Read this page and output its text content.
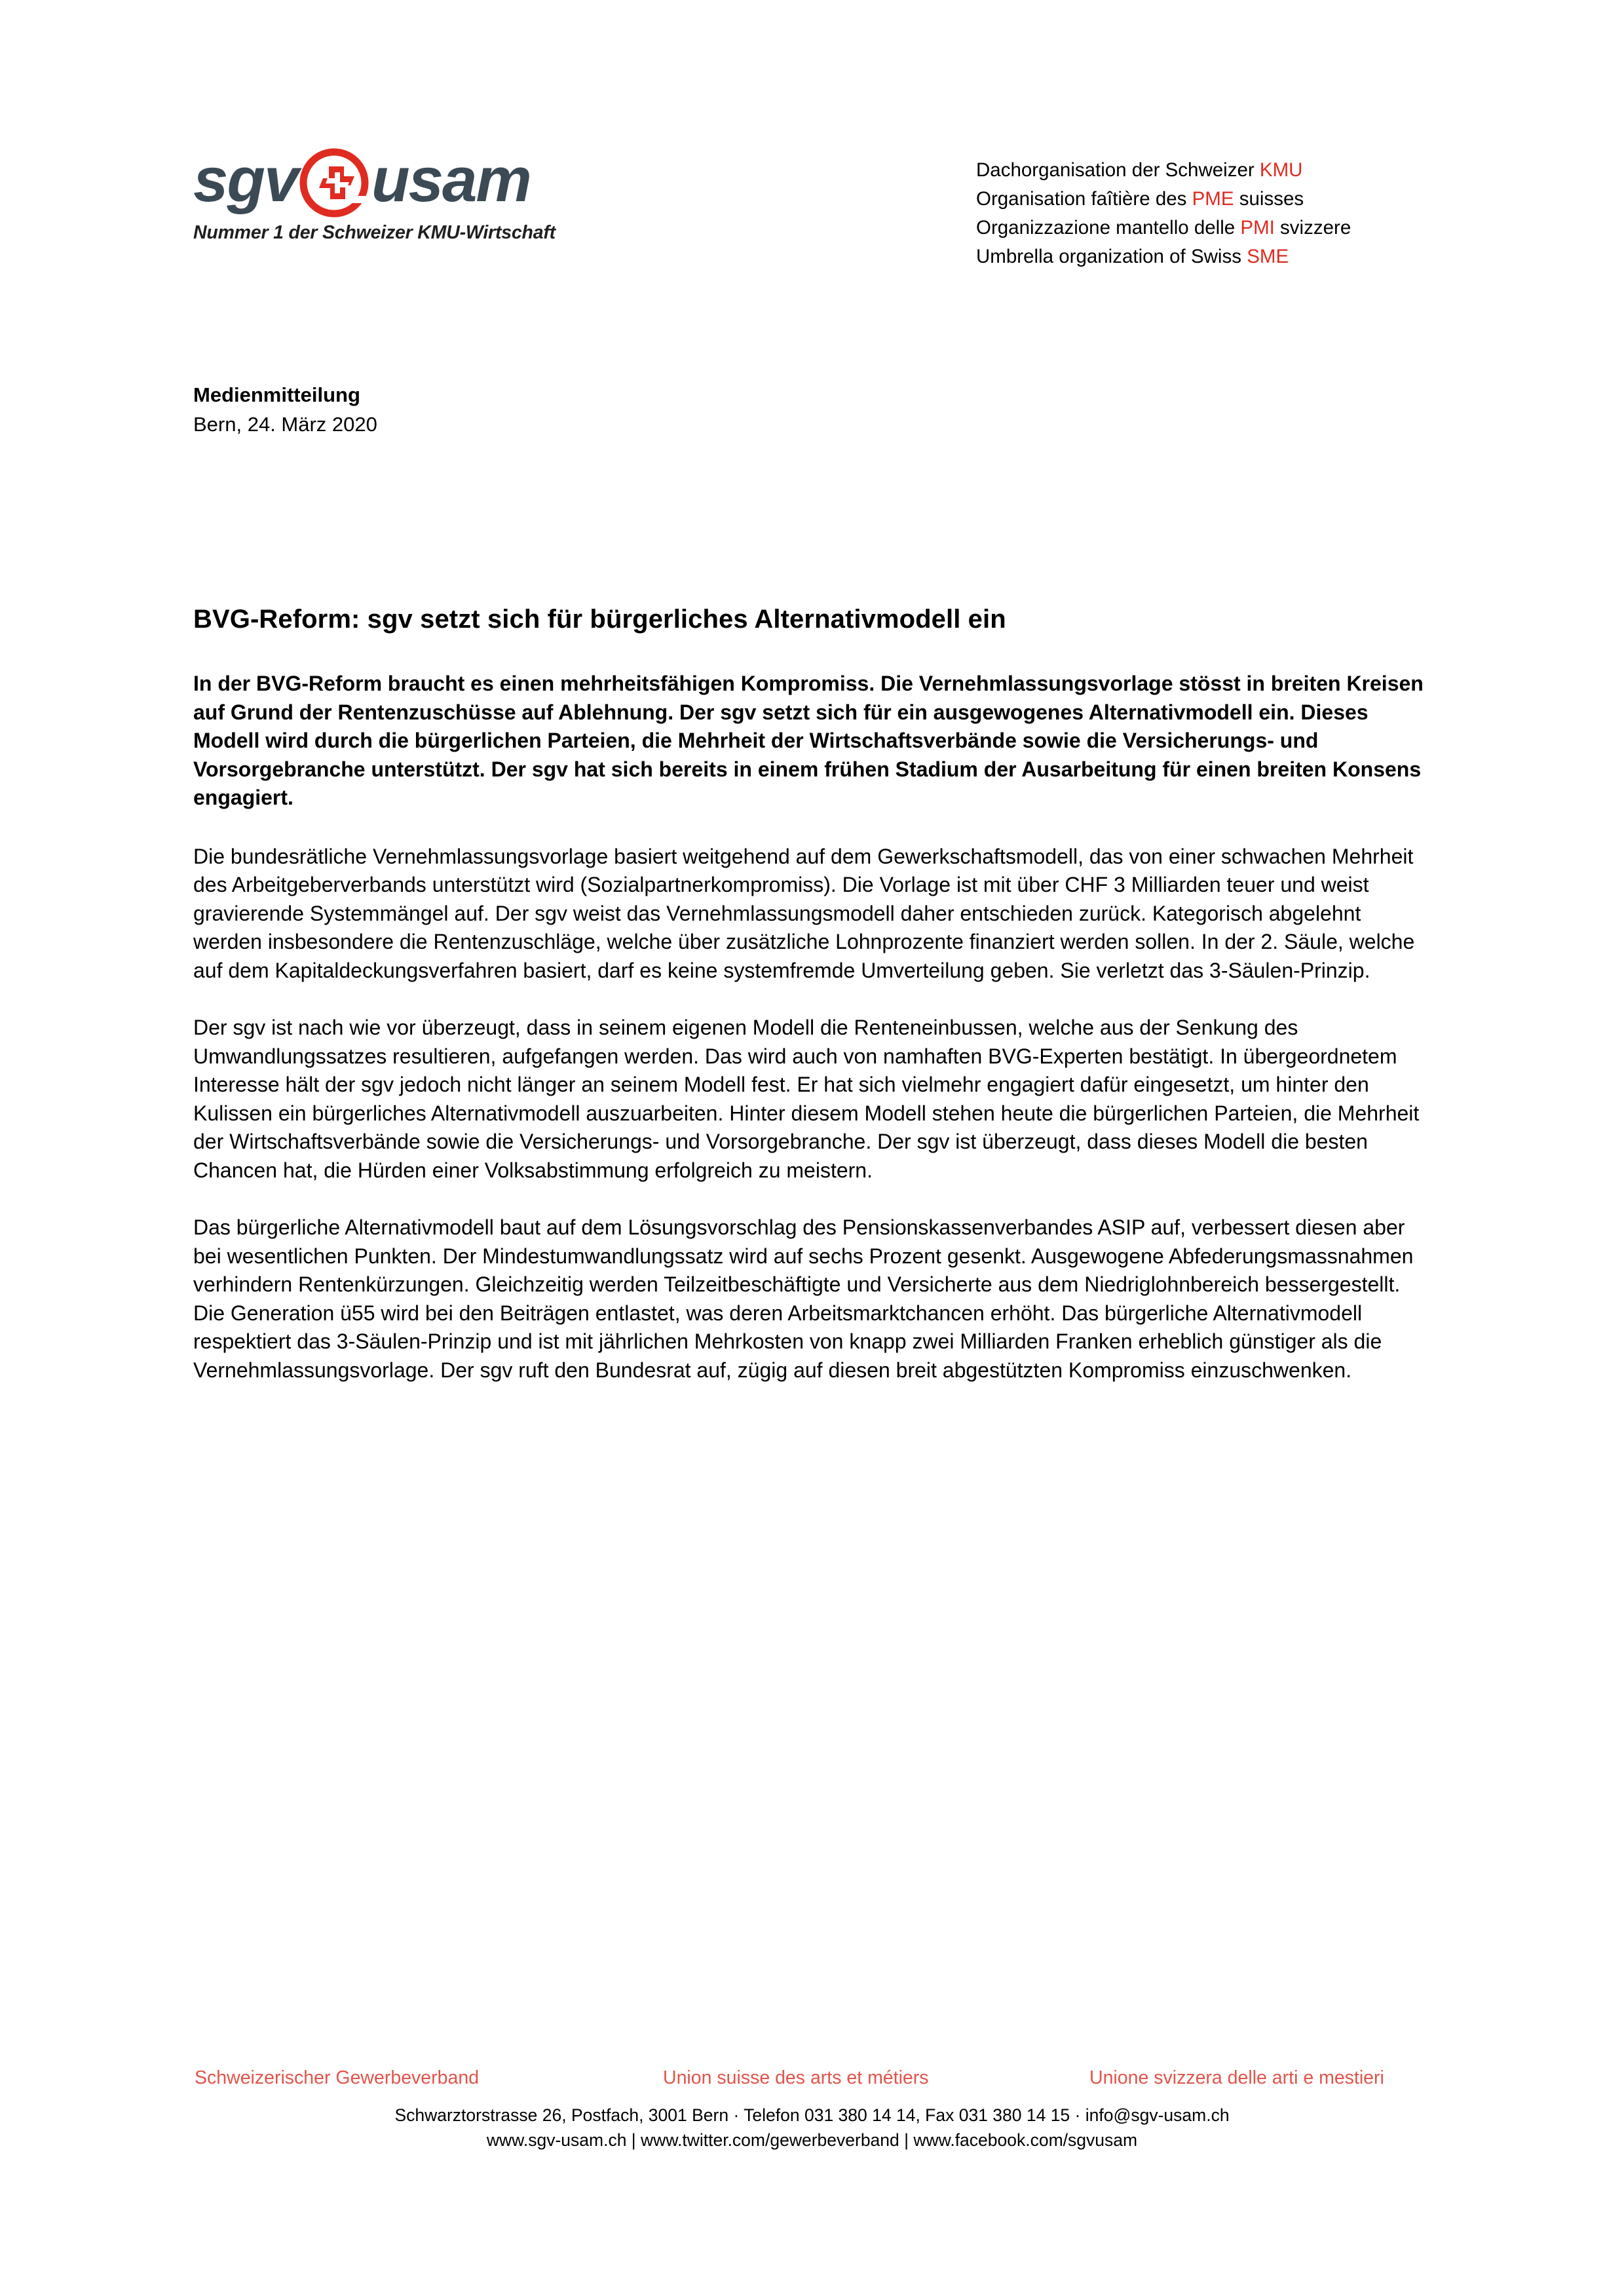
sgv usam
Nummer 1 der Schweizer KMU-Wirtschaft
Dachorganisation der Schweizer KMU
Organisation faîtière des PME suisses
Organizzazione mantello delle PMI svizzere
Umbrella organization of Swiss SME
Medienmitteilung
Bern, 24. März 2020
BVG-Reform: sgv setzt sich für bürgerliches Alternativmodell ein

In der BVG-Reform braucht es einen mehrheitsfähigen Kompromiss. Die Vernehmlassungsvorlage stösst in breiten Kreisen auf Grund der Rentenzuschüsse auf Ablehnung. Der sgv setzt sich für ein ausgewogenes Alternativmodell ein. Dieses Modell wird durch die bürgerlichen Parteien, die Mehrheit der Wirtschaftsverbände sowie die Versicherungs- und Vorsorgebranche unterstützt. Der sgv hat sich bereits in einem frühen Stadium der Ausarbeitung für einen breiten Konsens engagiert.

Die bundesrätliche Vernehmlassungsvorlage basiert weitgehend auf dem Gewerkschaftsmodell, das von einer schwachen Mehrheit des Arbeitgeberverbands unterstützt wird (Sozialpartnerkompromiss). Die Vorlage ist mit über CHF 3 Milliarden teuer und weist gravierende Systemmängel auf. Der sgv weist das Vernehmlassungsmodell daher entschieden zurück. Kategorisch abgelehnt werden insbesondere die Rentenzuschläge, welche über zusätzliche Lohnprozente finanziert werden sollen. In der 2. Säule, welche auf dem Kapitaldeckungsverfahren basiert, darf es keine systemfremde Umverteilung geben. Sie verletzt das 3-Säulen-Prinzip.

Der sgv ist nach wie vor überzeugt, dass in seinem eigenen Modell die Renteneinbussen, welche aus der Senkung des Umwandlungssatzes resultieren, aufgefangen werden. Das wird auch von namhaften BVG-Experten bestätigt. In übergeordnetem Interesse hält der sgv jedoch nicht länger an seinem Modell fest. Er hat sich vielmehr engagiert dafür eingesetzt, um hinter den Kulissen ein bürgerliches Alternativmodell auszuarbeiten. Hinter diesem Modell stehen heute die bürgerlichen Parteien, die Mehrheit der Wirtschaftsverbände sowie die Versicherungs- und Vorsorgebranche. Der sgv ist überzeugt, dass dieses Modell die besten Chancen hat, die Hürden einer Volksabstimmung erfolgreich zu meistern.

Das bürgerliche Alternativmodell baut auf dem Lösungsvorschlag des Pensionskassenverbandes ASIP auf, verbessert diesen aber bei wesentlichen Punkten. Der Mindestumwandlungssatz wird auf sechs Prozent gesenkt. Ausgewogene Abfederungsmassnahmen verhindern Rentenkürzungen. Gleichzeitig werden Teilzeitbeschäftigte und Versicherte aus dem Niedriglohnbereich bessergestellt. Die Generation ü55 wird bei den Beiträgen entlastet, was deren Arbeitsmarktchancen erhöht. Das bürgerliche Alternativmodell respektiert das 3-Säulen-Prinzip und ist mit jährlichen Mehrkosten von knapp zwei Milliarden Franken erheblich günstiger als die Vernehmlassungsvorlage. Der sgv ruft den Bundesrat auf, zügig auf diesen breit abgestützten Kompromiss einzuschwenken.

Schweizerischer Gewerbeverband	Union suisse des arts et métiers	Unione svizzera delle arti e mestieri
Schwarztorstrasse 26, Postfach, 3001 Bern · Telefon 031 380 14 14, Fax 031 380 14 15 · info@sgv-usam.ch
www.sgv-usam.ch | www.twitter.com/gewerbeverband | www.facebook.com/sgvusam
